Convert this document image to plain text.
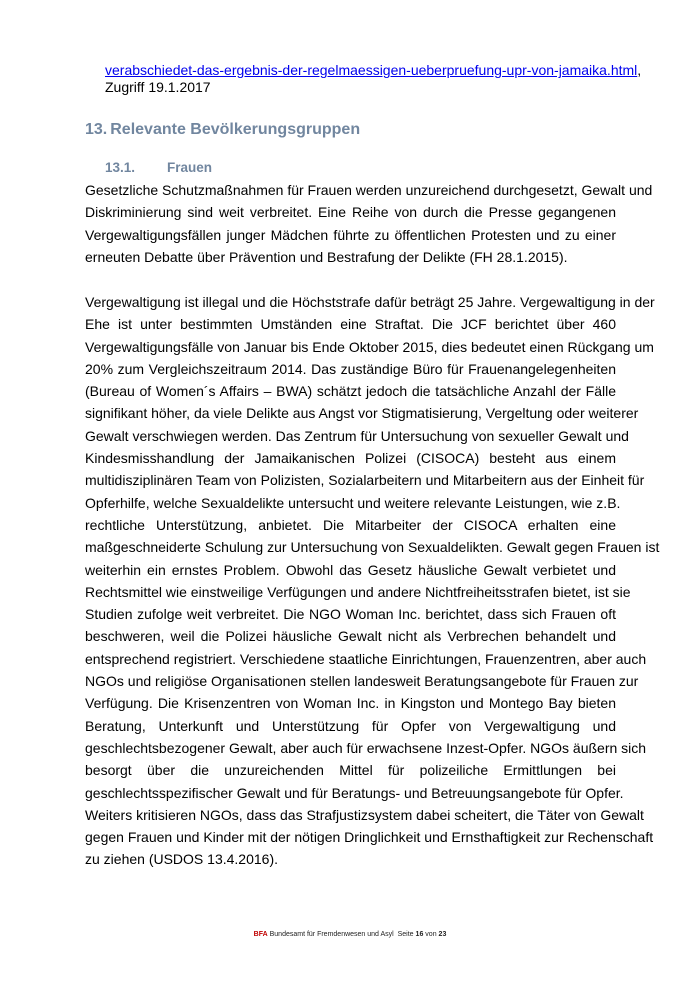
verabschiedet-das-ergebnis-der-regelmaessigen-ueberpruefung-upr-von-jamaika.html,
Zugriff 19.1.2017
13. Relevante Bevölkerungsgruppen
13.1. Frauen
Gesetzliche Schutzmaßnahmen für Frauen werden unzureichend durchgesetzt, Gewalt und
Diskriminierung sind weit verbreitet. Eine Reihe von durch die Presse gegangenen
Vergewaltigungsfällen junger Mädchen führte zu öffentlichen Protesten und zu einer
erneuten Debatte über Prävention und Bestrafung der Delikte (FH 28.1.2015).
Vergewaltigung ist illegal und die Höchststrafe dafür beträgt 25 Jahre. Vergewaltigung in der
Ehe ist unter bestimmten Umständen eine Straftat. Die JCF berichtet über 460
Vergewaltigungsfälle von Januar bis Ende Oktober 2015, dies bedeutet einen Rückgang um
20% zum Vergleichszeitraum 2014. Das zuständige Büro für Frauenangelegenheiten
(Bureau of Women´s Affairs – BWA) schätzt jedoch die tatsächliche Anzahl der Fälle
signifikant höher, da viele Delikte aus Angst vor Stigmatisierung, Vergeltung oder weiterer
Gewalt verschwiegen werden. Das Zentrum für Untersuchung von sexueller Gewalt und
Kindesmisshandlung der Jamaikanischen Polizei (CISOCA) besteht aus einem
multidisziplinären Team von Polizisten, Sozialarbeitern und Mitarbeitern aus der Einheit für
Opferhilfe, welche Sexualdelikte untersucht und weitere relevante Leistungen, wie z.B.
rechtliche Unterstützung, anbietet. Die Mitarbeiter der CISOCA erhalten eine
maßgeschneiderte Schulung zur Untersuchung von Sexualdelikten. Gewalt gegen Frauen ist
weiterhin ein ernstes Problem. Obwohl das Gesetz häusliche Gewalt verbietet und
Rechtsmittel wie einstweilige Verfügungen und andere Nichtfreiheitsstrafen bietet, ist sie
Studien zufolge weit verbreitet. Die NGO Woman Inc. berichtet, dass sich Frauen oft
beschweren, weil die Polizei häusliche Gewalt nicht als Verbrechen behandelt und
entsprechend registriert. Verschiedene staatliche Einrichtungen, Frauenzentren, aber auch
NGOs und religiöse Organisationen stellen landesweit Beratungsangebote für Frauen zur
Verfügung. Die Krisenzentren von Woman Inc. in Kingston und Montego Bay bieten
Beratung, Unterkunft und Unterstützung für Opfer von Vergewaltigung und
geschlechtsbezogener Gewalt, aber auch für erwachsene Inzest-Opfer. NGOs äußern sich
besorgt über die unzureichenden Mittel für polizeiliche Ermittlungen bei
geschlechtsspezifischer Gewalt und für Beratungs- und Betreuungsangebote für Opfer.
Weiters kritisieren NGOs, dass das Strafjustizsystem dabei scheitert, die Täter von Gewalt
gegen Frauen und Kinder mit der nötigen Dringlichkeit und Ernsthaftigkeit zur Rechenschaft
zu ziehen (USDOS 13.4.2016).
BFA Bundesamt für Fremdenwesen und Asyl Seite 16 von 23
